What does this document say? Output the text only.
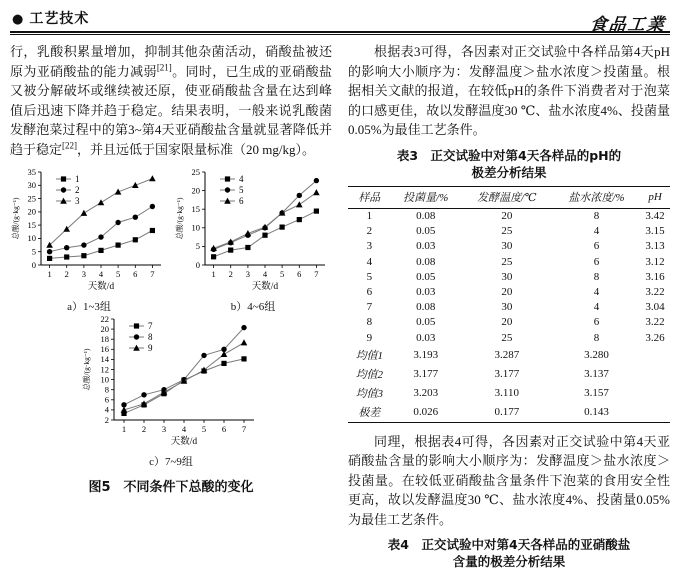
● 工艺技术	食品工業
行，乳酸积累量增加，抑制其他杂菌活动，硝酸盐被还原为亚硝酸盐的能力减弱[21]。同时，已生成的亚硝酸盐又被分解破坏或继续被还原，使亚硝酸盐含量在达到峰值后迅速下降并趋于稳定。结果表明，一般来说乳酸菌发酵泡菜过程中的第3~第4天亚硝酸盐含量就显著降低并趋于稳定[22]，并且远低于国家限量标准（20 mg/kg）。
0
5
10
15
20
25
30
35
1 2 3 4 5 6 7
天数/d
总酸/(g·kg⁻¹)
1
2
3
a）1~3组
0
5
10
15
20
25
1 2 3 4 5 6 7
天数/d
总酸/(g·kg⁻¹)
4
5
6
b）4~6组
2
4
6
8
10
12
14
16
18
20
22
1 2 3 4 5 6 7
天数/d
总酸/(g·kg⁻¹)
7
8
9
c）7~9组
图5　不同条件下总酸的变化
根据表3可得，各因素对正交试验中各样品第4天pH的影响大小顺序为：发酵温度＞盐水浓度＞投菌量。根据相关文献的报道，在较低pH的条件下消费者对于泡菜的口感更佳，故以发酵温度30 ℃、盐水浓度4%、投菌量0.05%为最佳工艺条件。
表3　正交试验中对第4天各样品的pH的
极差分析结果
样品	投菌量/%	发酵温度/℃	盐水浓度/%	pH
1	0.08	20	8	3.42
2	0.05	25	4	3.15
3	0.03	30	6	3.13
4	0.08	25	6	3.12
5	0.05	30	8	3.16
6	0.03	20	4	3.22
7	0.08	30	4	3.04
8	0.05	20	6	3.22
9	0.03	25	8	3.26
均值1	3.193	3.287	3.280	
均值2	3.177	3.177	3.137	
均值3	3.203	3.110	3.157	
极差	0.026	0.177	0.143	
同理，根据表4可得，各因素对正交试验中第4天亚硝酸盐含量的影响大小顺序为：发酵温度＞盐水浓度＞投菌量。在较低亚硝酸盐含量条件下泡菜的食用安全性更高，故以发酵温度30 ℃、盐水浓度4%、投菌量0.05%为最佳工艺条件。
表4　正交试验中对第4天各样品的亚硝酸盐
含量的极差分析结果
